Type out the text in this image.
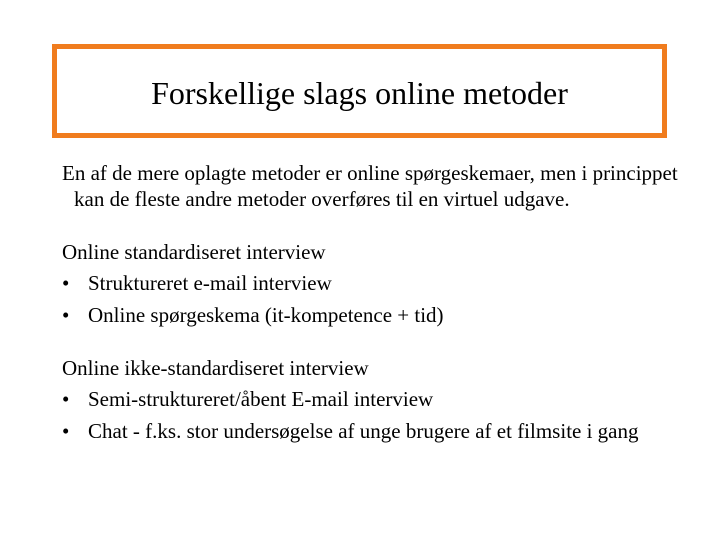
Forskellige slags online metoder

En af de mere oplagte metoder er online spørgeskemaer, men i princippet kan de fleste andre metoder overføres til en virtuel udgave.

Online standardiseret interview

• Struktureret e-mail interview
• Online spørgeskema (it-kompetence + tid)

Online ikke-standardiseret interview

• Semi-struktureret/åbent E-mail interview
• Chat - f.ks. stor undersøgelse af unge brugere af et filmsite i gang
